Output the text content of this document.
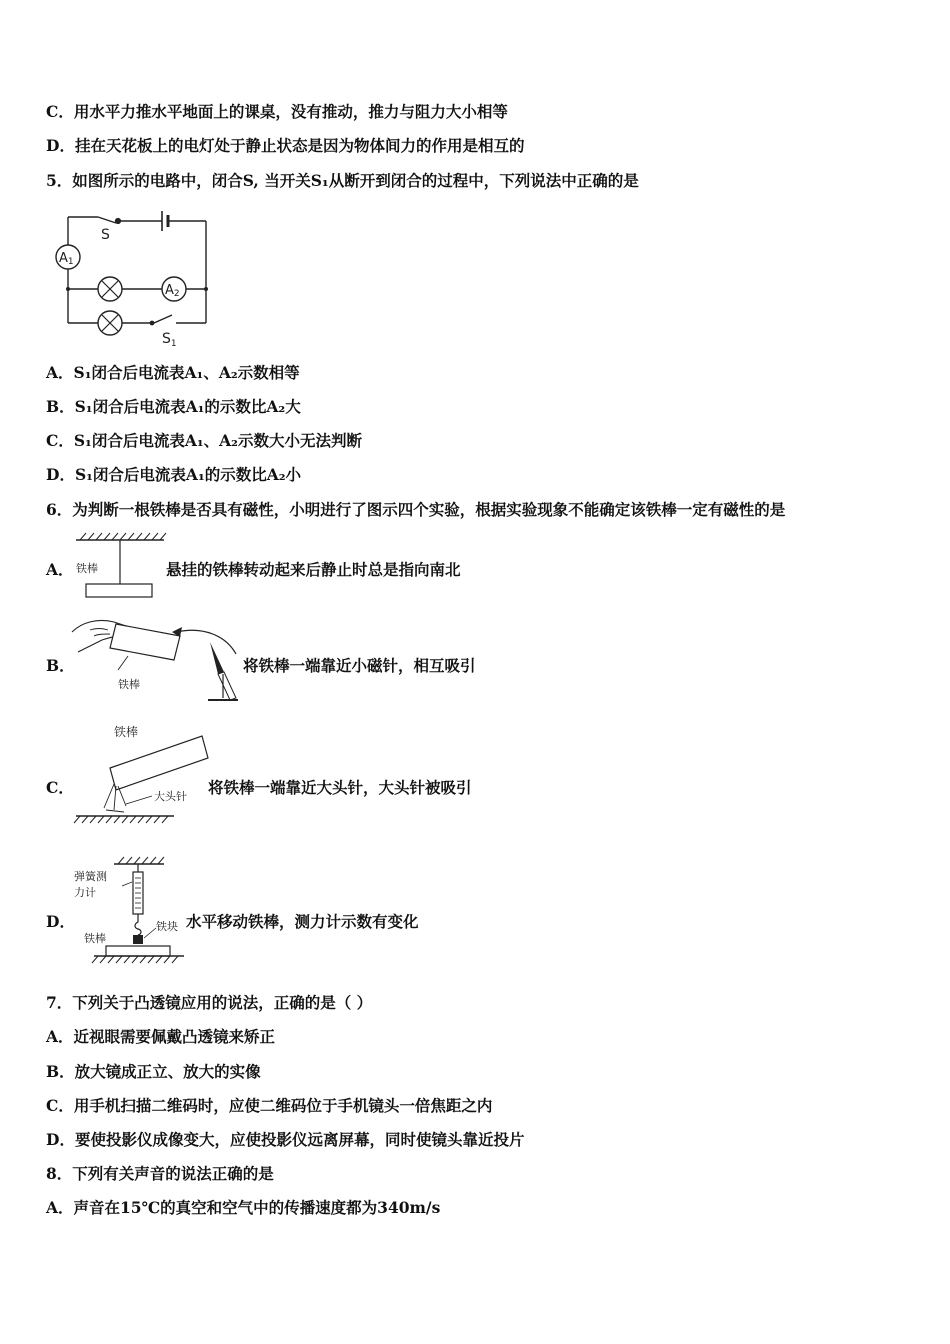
C．用水平力推水平地面上的课桌，没有推动，推力与阻力大小相等
D．挂在天花板上的电灯处于静止状态是因为物体间力的作用是相互的
5．如图所示的电路中，闭合S, 当开关S₁从断开到闭合的过程中，下列说法中正确的是
A1
A2
S
$S_1$
A．S₁闭合后电流表A₁、A₂示数相等
B．S₁闭合后电流表A₁的示数比A₂大
C．S₁闭合后电流表A₁、A₂示数大小无法判断
D．S₁闭合后电流表A₁的示数比A₂小
6．为判断一根铁棒是否具有磁性，小明进行了图示四个实验，根据实验现象不能确定该铁棒一定有磁性的是
A． 铁棒	悬挂的铁棒转动起来后静止时总是指向南北
B．
铁棒
将铁棒一端靠近小磁针，相互吸引
C．
铁棒
大头针 将铁棒一端靠近大头针，大头针被吸引
D．
弹簧测 力计
铁块
铁棒
水平移动铁棒，测力计示数有变化
7．下列关于凸透镜应用的说法，正确的是（ ）
A．近视眼需要佩戴凸透镜来矫正
B．放大镜成正立、放大的实像
C．用手机扫描二维码时，应使二维码位于手机镜头一倍焦距之内
D．要使投影仪成像变大，应使投影仪远离屏幕，同时使镜头靠近投片
8．下列有关声音的说法正确的是
A．声音在15℃的真空和空气中的传播速度都为340m/s
